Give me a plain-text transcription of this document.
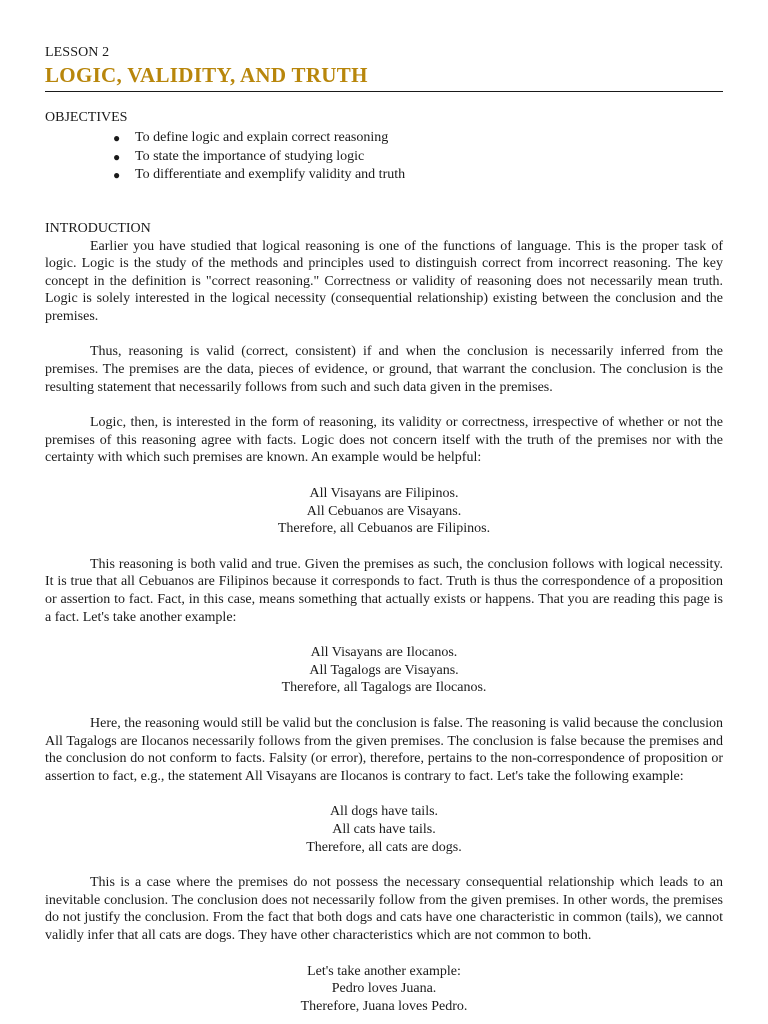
LESSON 2
LOGIC, VALIDITY, AND TRUTH
OBJECTIVES
● To define logic and explain correct reasoning
● To state the importance of studying logic
● To differentiate and exemplify validity and truth
INTRODUCTION

Earlier you have studied that logical reasoning is one of the functions of language. This is the proper task of logic. Logic is the study of the methods and principles used to distinguish correct from incorrect reasoning. The key concept in the definition is "correct reasoning." Correctness or validity of reasoning does not necessarily mean truth. Logic is solely interested in the logical necessity (consequential relationship) existing between the conclusion and the premises.

Thus, reasoning is valid (correct, consistent) if and when the conclusion is necessarily inferred from the premises. The premises are the data, pieces of evidence, or ground, that warrant the conclusion. The conclusion is the resulting statement that necessarily follows from such and such data given in the premises.

Logic, then, is interested in the form of reasoning, its validity or correctness, irrespective of whether or not the premises of this reasoning agree with facts. Logic does not concern itself with the truth of the premises nor with the certainty with which such premises are known. An example would be helpful:

All Visayans are Filipinos.
All Cebuanos are Visayans.
Therefore, all Cebuanos are Filipinos.

This reasoning is both valid and true. Given the premises as such, the conclusion follows with logical necessity. It is true that all Cebuanos are Filipinos because it corresponds to fact. Truth is thus the correspondence of a proposition or assertion to fact. Fact, in this case, means something that actually exists or happens. That you are reading this page is a fact. Let's take another example:

All Visayans are Ilocanos.
All Tagalogs are Visayans.
Therefore, all Tagalogs are Ilocanos.

Here, the reasoning would still be valid but the conclusion is false. The reasoning is valid because the conclusion All Tagalogs are Ilocanos necessarily follows from the given premises. The conclusion is false because the premises and the conclusion do not conform to facts. Falsity (or error), therefore, pertains to the non-correspondence of proposition or assertion to fact, e.g., the statement All Visayans are Ilocanos is contrary to fact. Let's take the following example:

All dogs have tails.
All cats have tails.
Therefore, all cats are dogs.

This is a case where the premises do not possess the necessary consequential relationship which leads to an inevitable conclusion. The conclusion does not necessarily follow from the given premises. In other words, the premises do not justify the conclusion. From the fact that both dogs and cats have one characteristic in common (tails), we cannot validly infer that all cats are dogs. They have other characteristics which are not common to both.

Let's take another example:
Pedro loves Juana.
Therefore, Juana loves Pedro.
